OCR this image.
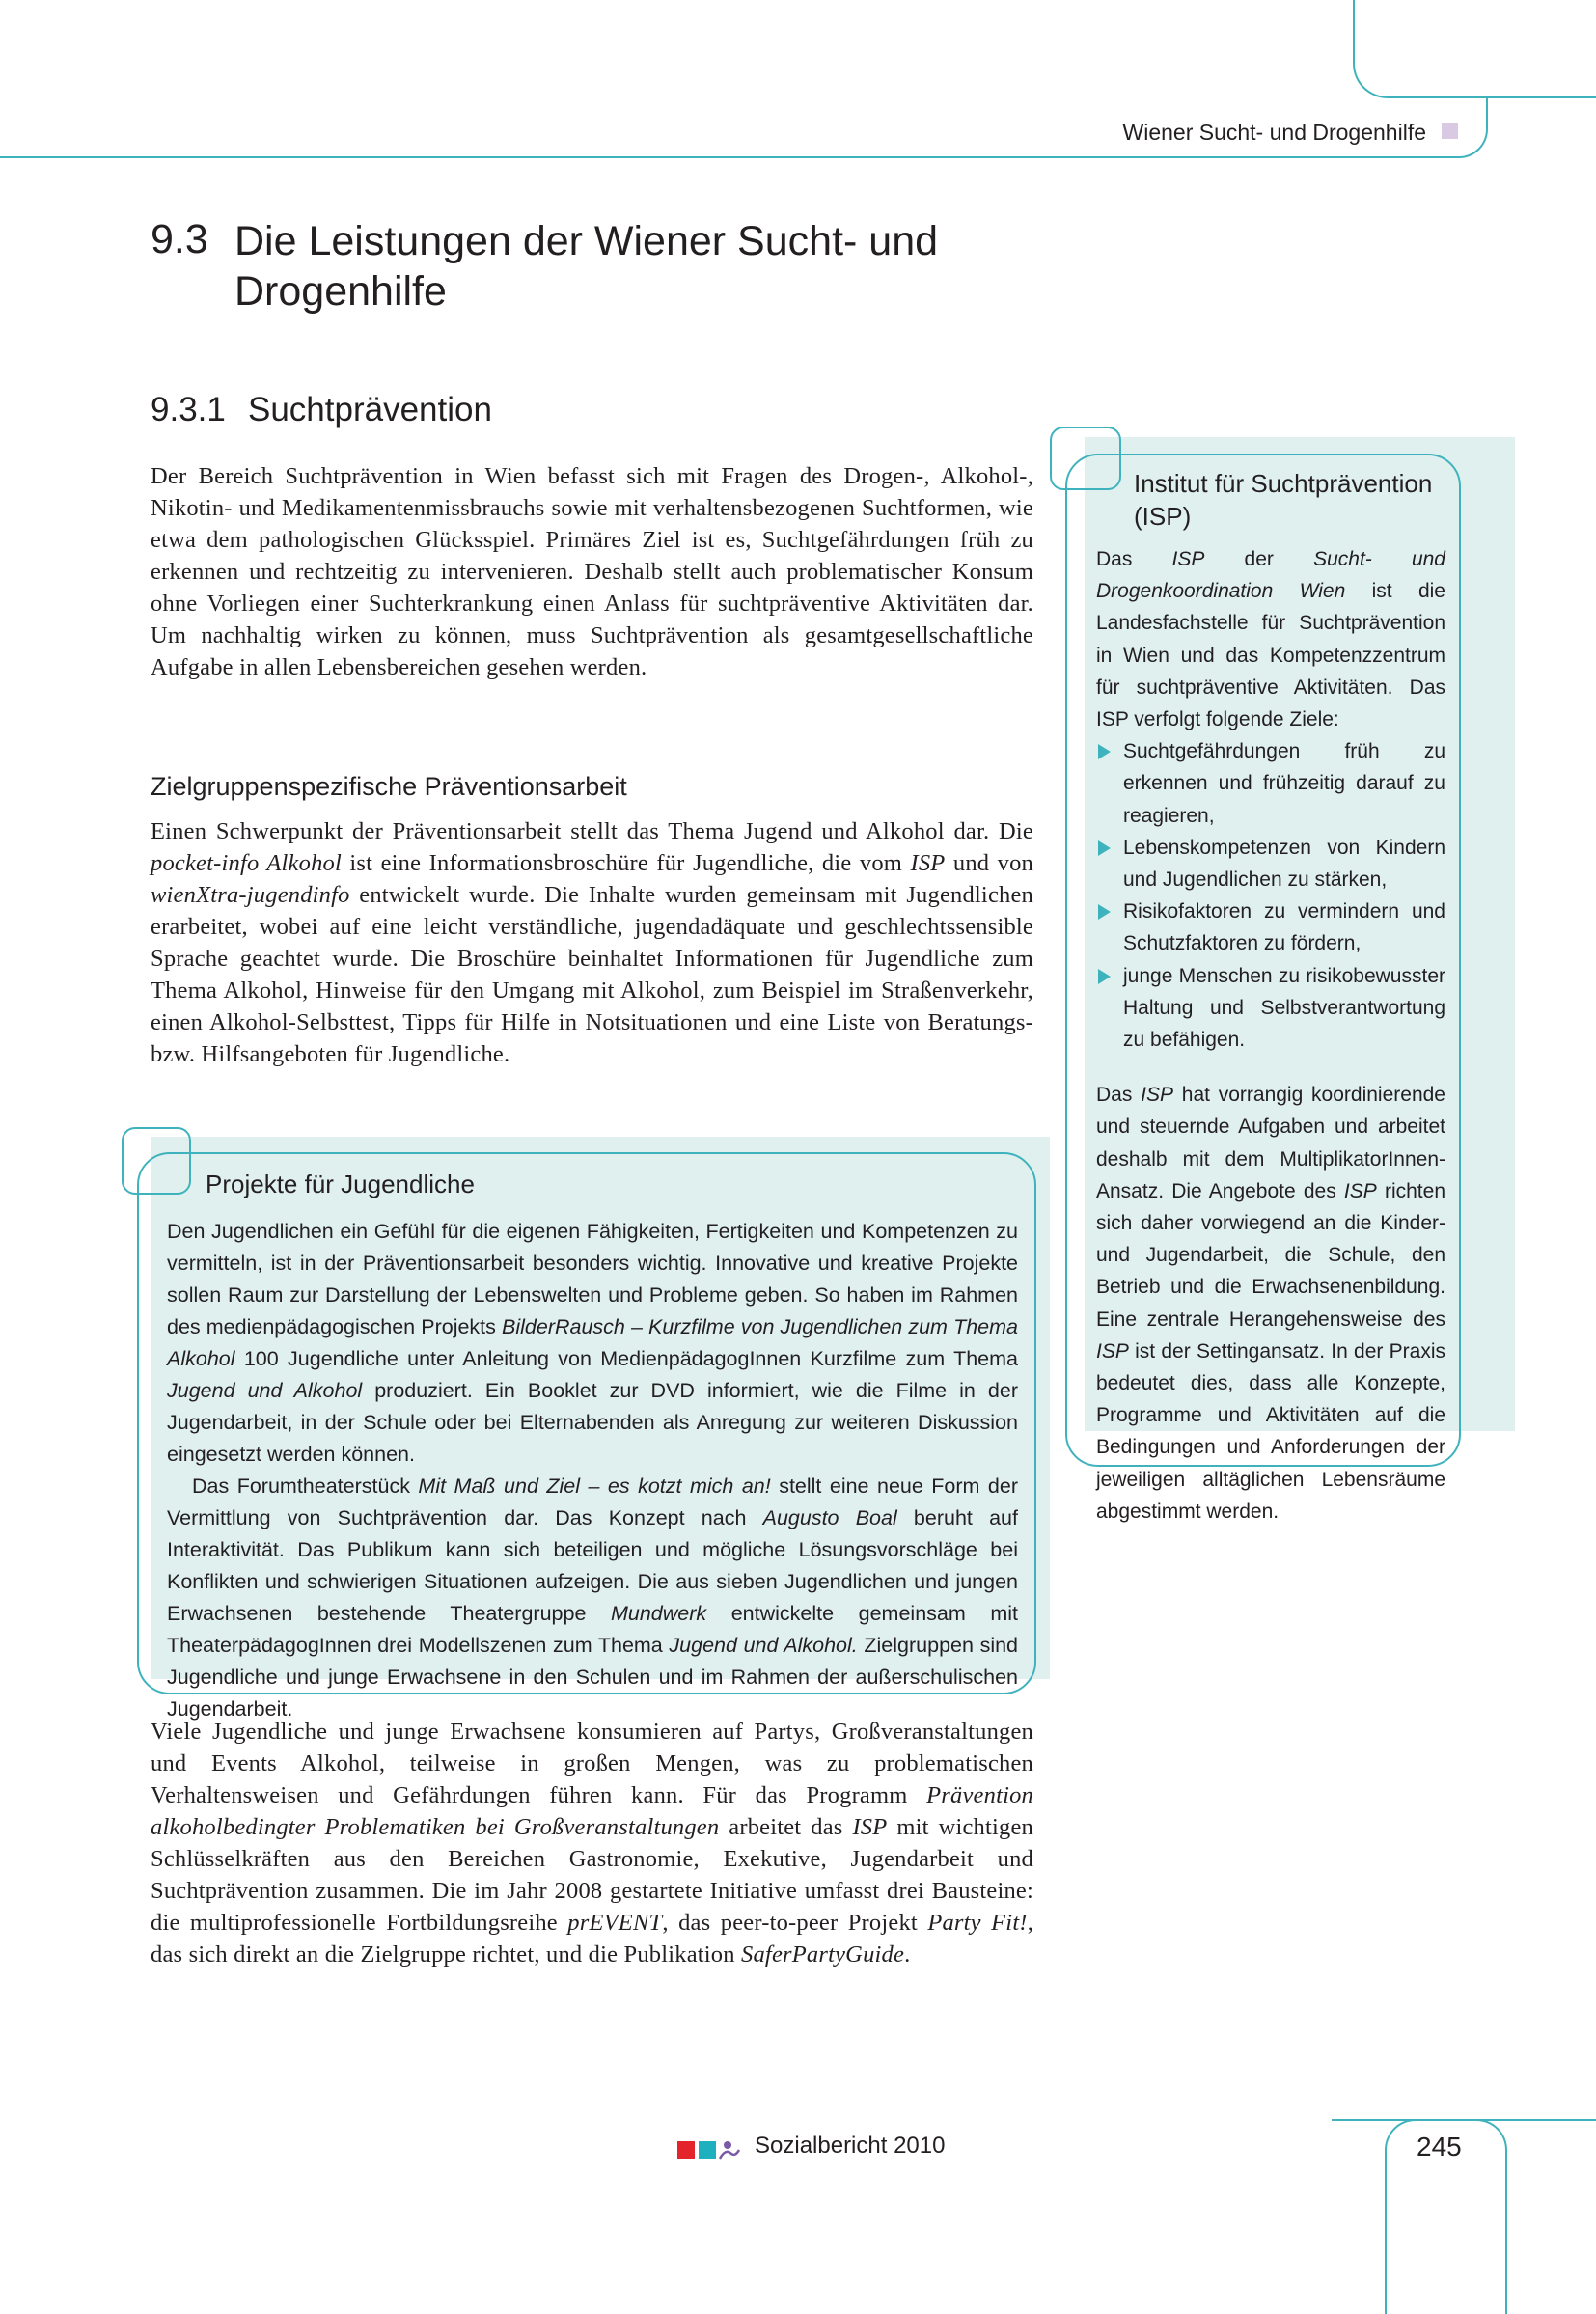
Wiener Sucht- und Drogenhilfe
9.3 Die Leistungen der Wiener Sucht- und
Drogenhilfe
9.3.1 Suchtprävention
Der Bereich Suchtprävention in Wien befasst sich mit Fragen des Drogen-, Alkohol-, Nikotin- und Medikamentenmissbrauchs sowie mit verhaltensbezogenen Suchtformen, wie etwa dem pathologischen Glücksspiel. Primäres Ziel ist es, Suchtgefährdungen früh zu erkennen und rechtzeitig zu intervenieren. Deshalb stellt auch problematischer Konsum ohne Vorliegen einer Suchterkrankung einen Anlass für suchtpräventive Aktivitäten dar. Um nachhaltig wirken zu können, muss Suchtprävention als gesamtgesellschaftliche Aufgabe in allen Lebensbereichen gesehen werden.
Zielgruppenspezifische Präventionsarbeit
Einen Schwerpunkt der Präventionsarbeit stellt das Thema Jugend und Alkohol dar. Die pocket-info Alkohol ist eine Informationsbroschüre für Jugendliche, die vom ISP und von wienXtra-jugendinfo entwickelt wurde. Die Inhalte wurden gemeinsam mit Jugendlichen erarbeitet, wobei auf eine leicht verständliche, jugendadäquate und geschlechtssensible Sprache geachtet wurde. Die Broschüre beinhaltet Informationen für Jugendliche zum Thema Alkohol, Hinweise für den Umgang mit Alkohol, zum Beispiel im Straßenverkehr, einen Alkohol-Selbsttest, Tipps für Hilfe in Notsituationen und eine Liste von Beratungs- bzw. Hilfsangeboten für Jugendliche.
Projekte für Jugendliche

Den Jugendlichen ein Gefühl für die eigenen Fähigkeiten, Fertigkeiten und Kompetenzen zu vermitteln, ist in der Präventionsarbeit besonders wichtig. Innovative und kreative Projekte sollen Raum zur Darstellung der Lebenswelten und Probleme geben. So haben im Rahmen des medienpädagogischen Projekts BilderRausch – Kurzfilme von Jugendlichen zum Thema Alkohol 100 Jugendliche unter Anleitung von MedienpädagogInnen Kurzfilme zum Thema Jugend und Alkohol produziert. Ein Booklet zur DVD informiert, wie die Filme in der Jugendarbeit, in der Schule oder bei Elternabenden als Anregung zur weiteren Diskussion eingesetzt werden können.

Das Forumtheaterstück Mit Maß und Ziel – es kotzt mich an! stellt eine neue Form der Vermittlung von Suchtprävention dar. Das Konzept nach Augusto Boal beruht auf Interaktivität. Das Publikum kann sich beteiligen und mögliche Lösungsvorschläge bei Konflikten und schwierigen Situationen aufzeigen. Die aus sieben Jugendlichen und jungen Erwachsenen bestehende Theatergruppe Mundwerk entwickelte gemeinsam mit TheaterpädagogInnen drei Modellszenen zum Thema Jugend und Alkohol. Zielgruppen sind Jugendliche und junge Erwachsene in den Schulen und im Rahmen der außerschulischen Jugendarbeit.

Institut für Suchtprävention (ISP)

Das ISP der Sucht- und Drogenkoordination Wien ist die Landesfachstelle für Suchtprävention in Wien und das Kompetenzzentrum für suchtpräventive Aktivitäten. Das ISP verfolgt folgende Ziele:

Suchtgefährdungen früh zu erkennen und frühzeitig darauf zu reagieren,
Lebenskompetenzen von Kindern und Jugendlichen zu stärken,
Risikofaktoren zu vermindern und Schutzfaktoren zu fördern,
junge Menschen zu risikobewusster Haltung und Selbstverantwortung zu befähigen.

Das ISP hat vorrangig koordinierende und steuernde Aufgaben und arbeitet deshalb mit dem MultiplikatorInnen-Ansatz. Die Angebote des ISP richten sich daher vorwiegend an die Kinder- und Jugendarbeit, die Schule, den Betrieb und die Erwachsenenbildung. Eine zentrale Herangehensweise des ISP ist der Settingansatz. In der Praxis bedeutet dies, dass alle Konzepte, Programme und Aktivitäten auf die Bedingungen und Anforderungen der jeweiligen alltäglichen Lebensräume abgestimmt werden.

Viele Jugendliche und junge Erwachsene konsumieren auf Partys, Großveranstaltungen und Events Alkohol, teilweise in großen Mengen, was zu problematischen Verhaltensweisen und Gefährdungen führen kann. Für das Programm Prävention alkoholbedingter Problematiken bei Großveranstaltungen arbeitet das ISP mit wichtigen Schlüsselkräften aus den Bereichen Gastronomie, Exekutive, Jugendarbeit und Suchtprävention zusammen. Die im Jahr 2008 gestartete Initiative umfasst drei Bausteine: die multiprofessionelle Fortbildungsreihe prEVENT, das peer-to-peer Projekt Party Fit!, das sich direkt an die Zielgruppe richtet, und die Publikation SaferPartyGuide.
Sozialbericht 2010	245
